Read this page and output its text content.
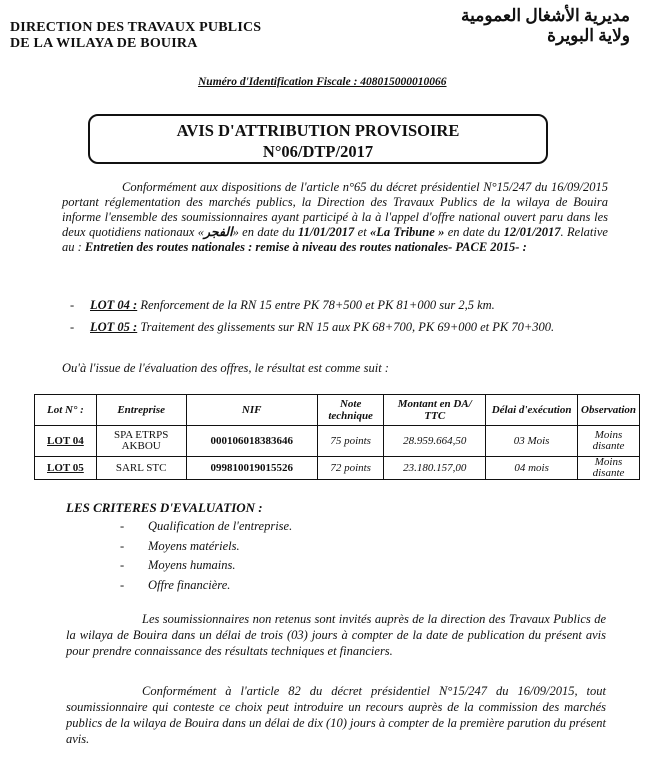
DIRECTION DES TRAVAUX PUBLICS
DE LA WILAYA DE BOUIRA
مديرية الأشغال العمومية
ولاية البويرة
Numéro d'Identification Fiscale : 408015000010066
AVIS D'ATTRIBUTION PROVISOIRE
N°06/DTP/2017
Conformément aux dispositions de l'article n°65 du décret présidentiel N°15/247 du 16/09/2015 portant réglementation des marchés publics, la Direction des Travaux Publics de la wilaya de Bouira informe l'ensemble des soumissionnaires ayant participé à la à l'appel d'offre national ouvert paru dans les deux quotidiens nationaux «الفجر» en date du 11/01/2017 et «La Tribune » en date du 12/01/2017. Relative au : Entretien des routes nationales : remise à niveau des routes nationales- PACE 2015- :
- LOT 04 : Renforcement de la RN 15 entre PK 78+500 et PK 81+000 sur 2,5 km.
- LOT 05 : Traitement des glissements sur RN 15 aux PK 68+700, PK 69+000 et PK 70+300.
Ou'à l'issue de l'évaluation des offres, le résultat est comme suit :
Lot N° :	Entreprise	NIF	Note technique	Montant en DA/ TTC	Délai d'exécution	Observation
LOT 04	SPA ETRPS AKBOU	000106018383646	75 points	28.959.664,50	03 Mois	Moins disante
LOT 05	SARL STC	099810019015526	72 points	23.180.157,00	04 mois	Moins disante
LES CRITERES D'EVALUATION :
- Qualification de l'entreprise.
- Moyens matériels.
- Moyens humains.
- Offre financière.
Les soumissionnaires non retenus sont invités auprès de la direction des Travaux Publics de la wilaya de Bouira dans un délai de trois (03) jours à compter de la date de publication du présent avis pour prendre connaissance des résultats techniques et financiers.
Conformément à l'article 82 du décret présidentiel N°15/247 du 16/09/2015, tout soumissionnaire qui conteste ce choix peut introduire un recours auprès de la commission des marchés publics de la wilaya de Bouira dans un délai de dix (10) jours à compter de la première parution du présent avis.
